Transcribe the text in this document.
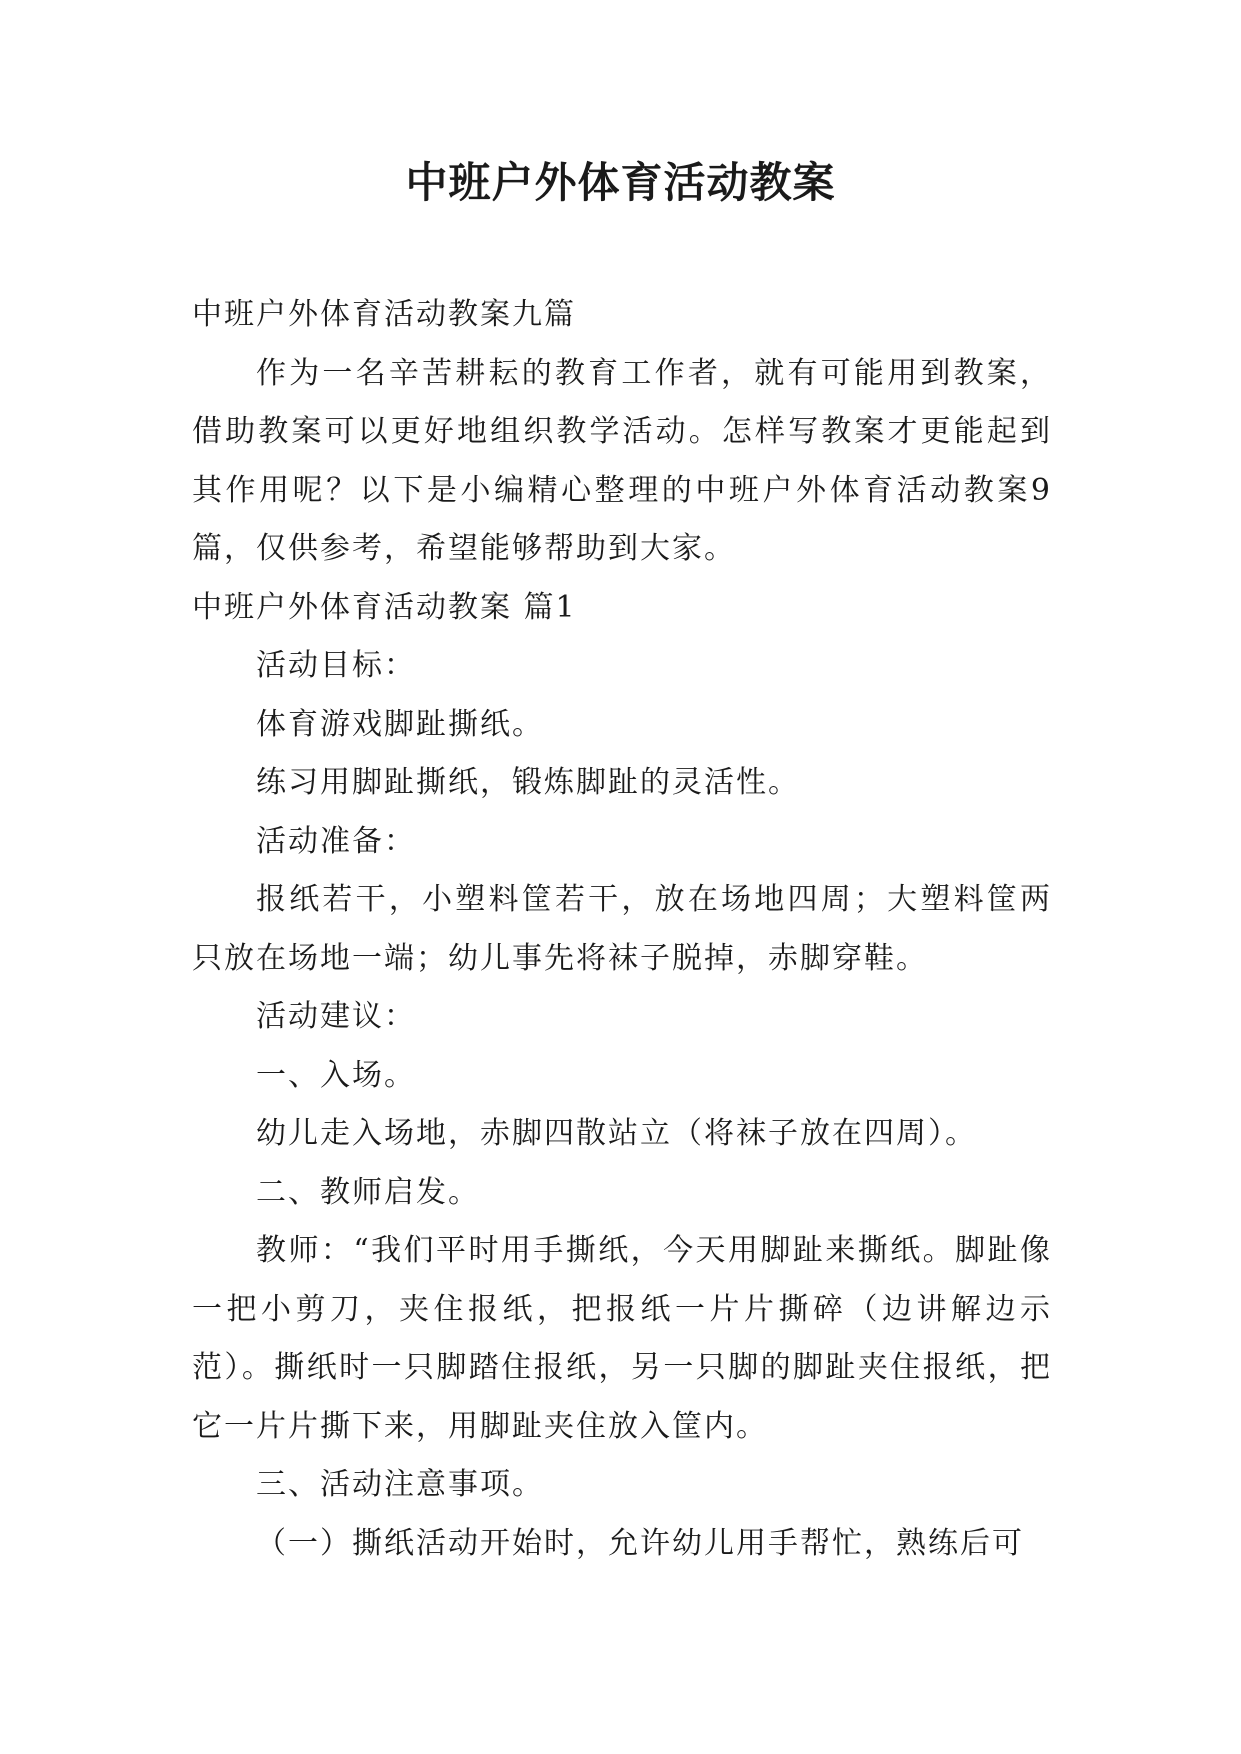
中班户外体育活动教案

中班户外体育活动教案九篇

作为一名辛苦耕耘的教育工作者，就有可能用到教案，借助教案可以更好地组织教学活动。怎样写教案才更能起到其作用呢？以下是小编精心整理的中班户外体育活动教案9篇，仅供参考，希望能够帮助到大家。

中班户外体育活动教案 篇1

活动目标：

体育游戏脚趾撕纸。

练习用脚趾撕纸，锻炼脚趾的灵活性。

活动准备：

报纸若干，小塑料筐若干，放在场地四周；大塑料筐两只放在场地一端；幼儿事先将袜子脱掉，赤脚穿鞋。

活动建议：

一、入场。

幼儿走入场地，赤脚四散站立（将袜子放在四周）。

二、教师启发。

教师：“我们平时用手撕纸，今天用脚趾来撕纸。脚趾像一把小剪刀，夹住报纸，把报纸一片片撕碎（边讲解边示范）。撕纸时一只脚踏住报纸，另一只脚的脚趾夹住报纸，把它一片片撕下来，用脚趾夹住放入筐内。

三、活动注意事项。

（一）撕纸活动开始时，允许幼儿用手帮忙，熟练后可
